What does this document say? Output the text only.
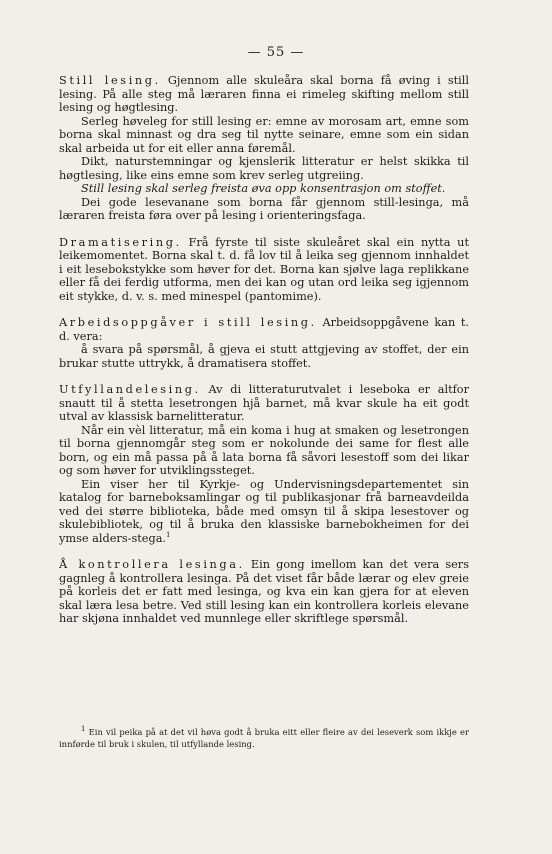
— 55 —

Still lesing. Gjennom alle skuleåra skal borna få øving i still lesing. På alle steg må læraren finna ei rimeleg skifting mellom still lesing og høgtlesing.

Serleg høveleg for still lesing er: emne av morosam art, emne som borna skal minnast og dra seg til nytte seinare, emne som ein sidan skal arbeida ut for eit eller anna føremål.

Dikt, naturstemningar og kjenslerik litteratur er helst skikka til høgtlesing, like eins emne som krev serleg utgreiing.

Still lesing skal serleg freista øva opp konsentrasjon om stoffet.

Dei gode lesevanane som borna får gjennom still-lesinga, må læraren freista føra over på lesing i orienteringsfaga.

Dramatisering. Frå fyrste til siste skuleåret skal ein nytta ut leikemomentet. Borna skal t. d. få lov til å leika seg gjennom innhaldet i eit lesebokstykke som høver for det. Borna kan sjølve laga replikkane eller få dei ferdig utforma, men dei kan og utan ord leika seg igjennom eit stykke, d. v. s. med minespel (pantomime).

Arbeidsoppgåver i still lesing. Arbeidsoppgåvene kan t. d. vera:

å svara på spørsmål, å gjeva ei stutt attgjeving av stoffet, der ein brukar stutte uttrykk, å dramatisera stoffet.

Utfyllandelesing. Av di litteraturutvalet i leseboka er altfor snautt til å stetta lesetrongen hjå barnet, må kvar skule ha eit godt utval av klassisk barnelitteratur.

Når ein vèl litteratur, må ein koma i hug at smaken og lesetrongen til borna gjennomgår steg som er nokolunde dei same for flest alle born, og ein må passa på å lata borna få såvori lesestoff som dei likar og som høver for utviklingssteget.

Ein viser her til Kyrkje- og Undervisningsdepartementet sin katalog for barneboksamlingar og til publikasjonar frå barneavdeilda ved dei større biblioteka, både med omsyn til å skipa lesestover og skulebibliotek, og til å bruka den klassiske barnebokheimen for dei ymse alders-stega.$^1$

Å kontrollera lesinga. Ein gong imellom kan det vera sers gagnleg å kontrollera lesinga. På det viset får både lærar og elev greie på korleis det er fatt med lesinga, og kva ein kan gjera for at eleven skal læra lesa betre. Ved still lesing kan ein kontrollera korleis elevane har skjøna innhaldet ved munnlege eller skriftlege spørsmål.

$^1$ Ein vil peika på at det vil høva godt å bruka eitt eller fleire av dei leseverk som ikkje er innførde til bruk i skulen, til utfyllande lesing.
